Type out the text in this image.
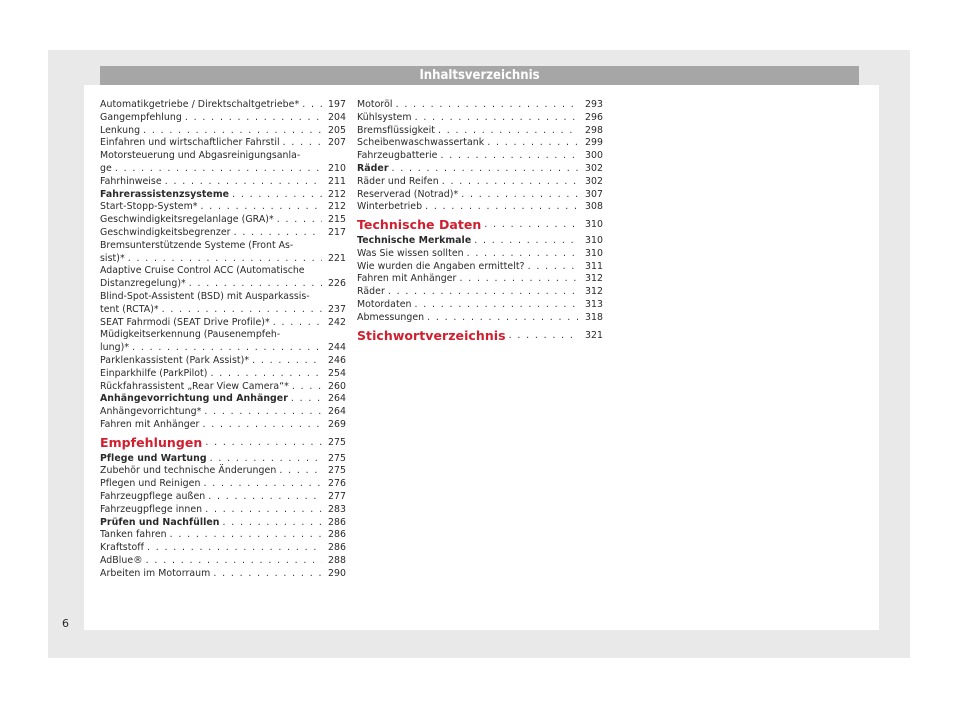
Inhaltsverzeichnis
Automatikgetriebe / Direktschaltgetriebe* . . .	197
Gangempfehlung . . .	204
Lenkung . . .	205
Einfahren und wirtschaftlicher Fahrstil . . .	207
Motorsteuerung und Abgasreinigungsanla-
ge . . .	210
Fahrhinweise . . .	211
Fahrerassistenzsysteme . . .	212
Start-Stopp-System* . . .	212
Geschwindigkeitsregelanlage (GRA)* . . .	215
Geschwindigkeitsbegrenzer . . .	217
Bremsunterstützende Systeme (Front As-
sist)* . . .	221
Adaptive Cruise Control ACC (Automatische
Distanzregelung)* . . .	226
Blind-Spot-Assistent (BSD) mit Ausparkassis-
tent (RCTA)* . . .	237
SEAT Fahrmodi (SEAT Drive Profile)* . . .	242
Müdigkeitserkennung (Pausenempfeh-
lung)* . . .	244
Parklenkassistent (Park Assist)* . . .	246
Einparkhilfe (ParkPilot) . . .	254
Rückfahrassistent „Rear View Camera“* . . .	260
Anhängevorrichtung und Anhänger . . .	264
Anhängevorrichtung* . . .	264
Fahren mit Anhänger . . .	269
Empfehlungen . . .	275
Pflege und Wartung . . .	275
Zubehör und technische Änderungen . . .	275
Pflegen und Reinigen . . .	276
Fahrzeugpflege außen . . .	277
Fahrzeugpflege innen . . .	283
Prüfen und Nachfüllen . . .	286
Tanken fahren . . .	286
Kraftstoff . . .	286
AdBlue® . . .	288
Arbeiten im Motorraum . . .	290
Motoröl . . .	293
Kühlsystem . . .	296
Bremsflüssigkeit . . .	298
Scheibenwaschwassertank . . .	299
Fahrzeugbatterie . . .	300
Räder . . .	302
Räder und Reifen . . .	302
Reserverad (Notrad)* . . .	307
Winterbetrieb . . .	308
Technische Daten . . .	310
Technische Merkmale . . .	310
Was Sie wissen sollten . . .	310
Wie wurden die Angaben ermittelt? . . .	311
Fahren mit Anhänger . . .	312
Räder . . .	312
Motordaten . . .	313
Abmessungen . . .	318
Stichwortverzeichnis . . .	321
6
